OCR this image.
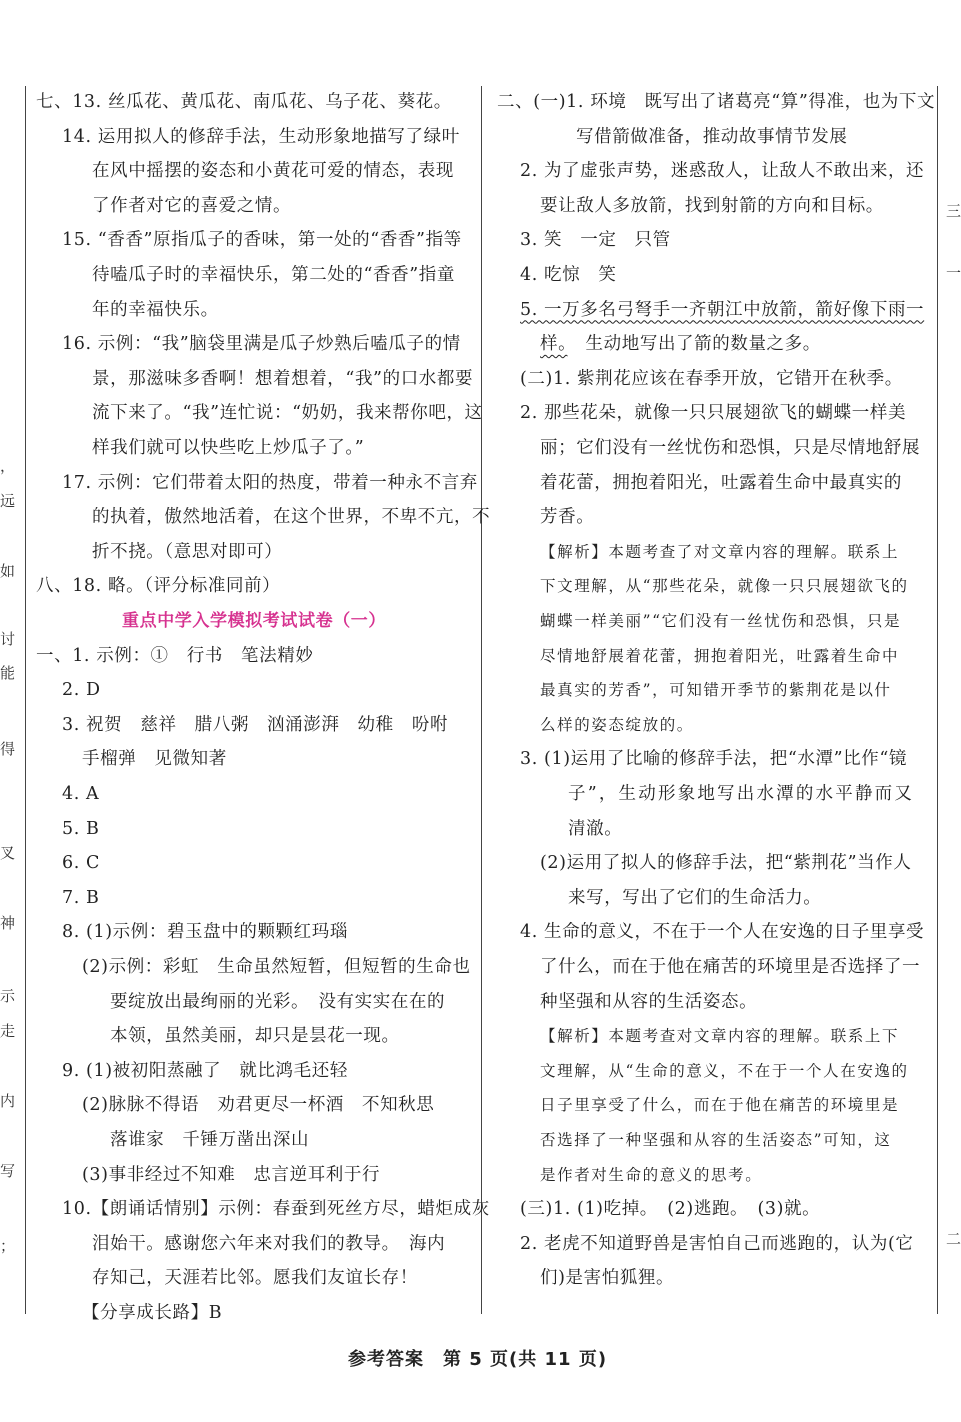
，
远
如
讨
能
得
叉
神
示
走
内
写
；
三
一
二
七、13. 丝瓜花、黄瓜花、南瓜花、乌子花、葵花。
14. 运用拟人的修辞手法，生动形象地描写了绿叶
在风中摇摆的姿态和小黄花可爱的情态，表现
了作者对它的喜爱之情。
15. “香香”原指瓜子的香味，第一处的“香香”指等
待嗑瓜子时的幸福快乐，第二处的“香香”指童
年的幸福快乐。
16. 示例：“我”脑袋里满是瓜子炒熟后嗑瓜子的情
景，那滋味多香啊！想着想着，“我”的口水都要
流下来了。“我”连忙说：“奶奶，我来帮你吧，这
样我们就可以快些吃上炒瓜子了。”
17. 示例：它们带着太阳的热度，带着一种永不言弃
的执着，傲然地活着，在这个世界，不卑不亢，不
折不挠。（意思对即可）
八、18. 略。（评分标准同前）
重点中学入学模拟考试试卷（一）
一、1. 示例：①　行书　笔法精妙
2. D
3. 祝贺　慈祥　腊八粥　汹涌澎湃　幼稚　吩咐
手榴弹　见微知著
4. A
5. B
6. C
7. B
8. (1)示例：碧玉盘中的颗颗红玛瑙
(2)示例：彩虹　生命虽然短暂，但短暂的生命也
要绽放出最绚丽的光彩。　没有实实在在的
本领，虽然美丽，却只是昙花一现。
9. (1)被初阳蒸融了　就比鸿毛还轻
(2)脉脉不得语　劝君更尽一杯酒　不知秋思
落谁家　千锤万凿出深山
(3)事非经过不知难　忠言逆耳利于行
10.【朗诵话情别】示例：春蚕到死丝方尽，蜡炬成灰
泪始干。感谢您六年来对我们的教导。　海内
存知己，天涯若比邻。愿我们友谊长存！
【分享成长路】B
二、(一)1. 环境　既写出了诸葛亮“算”得准，也为下文
写借箭做准备，推动故事情节发展
2. 为了虚张声势，迷惑敌人，让敌人不敢出来，还
要让敌人多放箭，找到射箭的方向和目标。
3. 笑　一定　只管
4. 吃惊　笑
5. 一万多名弓弩手一齐朝江中放箭，箭好像下雨一
样。　生动地写出了箭的数量之多。
(二)1. 紫荆花应该在春季开放，它错开在秋季。
2. 那些花朵，就像一只只展翅欲飞的蝴蝶一样美
丽；它们没有一丝忧伤和恐惧，只是尽情地舒展
着花蕾，拥抱着阳光，吐露着生命中最真实的
芳香。
【解析】本题考查了对文章内容的理解。联系上
下文理解，从“那些花朵，就像一只只展翅欲飞的
蝴蝶一样美丽”“它们没有一丝忧伤和恐惧，只是
尽情地舒展着花蕾，拥抱着阳光，吐露着生命中
最真实的芳香”，可知错开季节的紫荆花是以什
么样的姿态绽放的。
3. (1)运用了比喻的修辞手法，把“水潭”比作“镜
子”，生动形象地写出水潭的水平静而又
清澈。
(2)运用了拟人的修辞手法，把“紫荆花”当作人
来写，写出了它们的生命活力。
4. 生命的意义，不在于一个人在安逸的日子里享受
了什么，而在于他在痛苦的环境里是否选择了一
种坚强和从容的生活姿态。
【解析】本题考查对文章内容的理解。联系上下
文理解，从“生命的意义，不在于一个人在安逸的
日子里享受了什么，而在于他在痛苦的环境里是
否选择了一种坚强和从容的生活姿态”可知，这
是作者对生命的意义的思考。
(三)1. (1)吃掉。　(2)逃跑。　(3)就。
2. 老虎不知道野兽是害怕自己而逃跑的，认为(它
们)是害怕狐狸。
参考答案　第 5 页(共 11 页)
